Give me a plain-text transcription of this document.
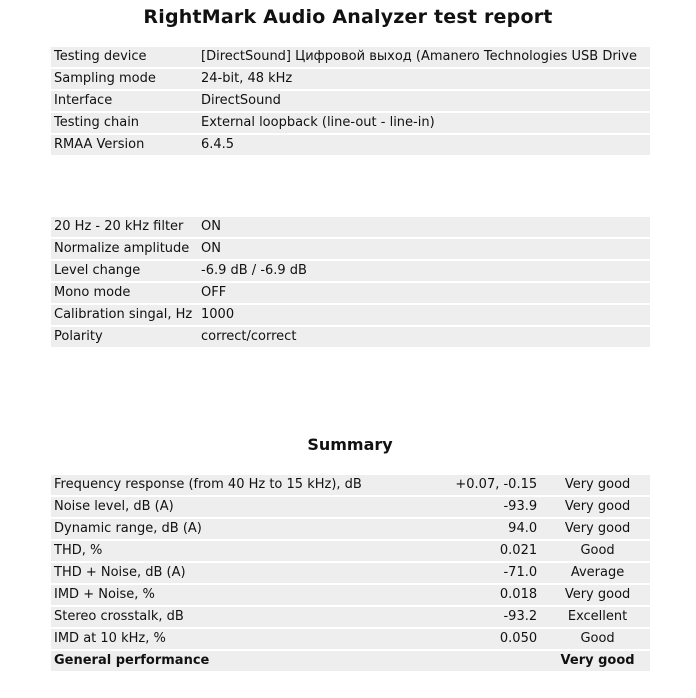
RightMark Audio Analyzer test report
Testing device	[DirectSound] Цифровой выход (Amanero Technologies USB Drive
Sampling mode	24-bit, 48 kHz
Interface	DirectSound
Testing chain	External loopback (line-out - line-in)
RMAA Version	6.4.5
20 Hz - 20 kHz filter	ON
Normalize amplitude	ON
Level change	-6.9 dB / -6.9 dB
Mono mode	OFF
Calibration singal, Hz	1000
Polarity	correct/correct
Summary
Frequency response (from 40 Hz to 15 kHz), dB	+0.07, -0.15	Very good
Noise level, dB (A)	-93.9	Very good
Dynamic range, dB (A)	94.0	Very good
THD, %	0.021	Good
THD + Noise, dB (A)	-71.0	Average
IMD + Noise, %	0.018	Very good
Stereo crosstalk, dB	-93.2	Excellent
IMD at 10 kHz, %	0.050	Good
General performance		Very good
